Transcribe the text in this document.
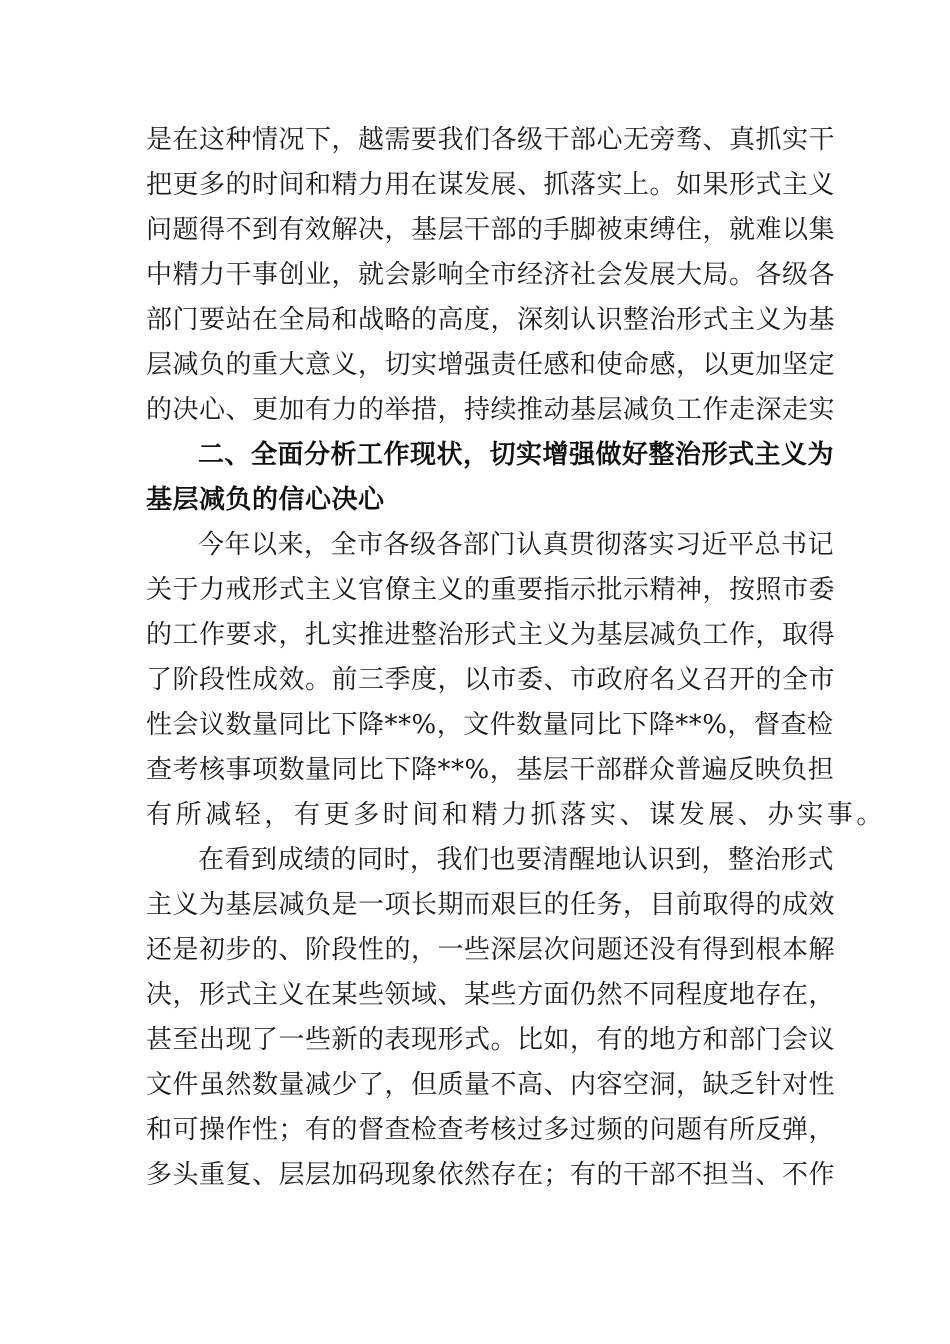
是在这种情况下，越需要我们各级干部心无旁骛、真抓实干
把更多的时间和精力用在谋发展、抓落实上。如果形式主义
问题得不到有效解决，基层干部的手脚被束缚住，就难以集
中精力干事创业，就会影响全市经济社会发展大局。各级各
部门要站在全局和战略的高度，深刻认识整治形式主义为基
层减负的重大意义，切实增强责任感和使命感，以更加坚定
的决心、更加有力的举措，持续推动基层减负工作走深走实
二、全面分析工作现状，切实增强做好整治形式主义为
基层减负的信心决心
今年以来，全市各级各部门认真贯彻落实习近平总书记
关于力戒形式主义官僚主义的重要指示批示精神，按照市委
的工作要求，扎实推进整治形式主义为基层减负工作，取得
了阶段性成效。前三季度，以市委、市政府名义召开的全市
性会议数量同比下降**%，文件数量同比下降**%，督查检
查考核事项数量同比下降**%，基层干部群众普遍反映负担
有所减轻，有更多时间和精力抓落实、谋发展、办实事。
在看到成绩的同时，我们也要清醒地认识到，整治形式
主义为基层减负是一项长期而艰巨的任务，目前取得的成效
还是初步的、阶段性的，一些深层次问题还没有得到根本解
决，形式主义在某些领域、某些方面仍然不同程度地存在，
甚至出现了一些新的表现形式。比如，有的地方和部门会议
文件虽然数量减少了，但质量不高、内容空洞，缺乏针对性
和可操作性；有的督查检查考核过多过频的问题有所反弹，
多头重复、层层加码现象依然存在；有的干部不担当、不作
